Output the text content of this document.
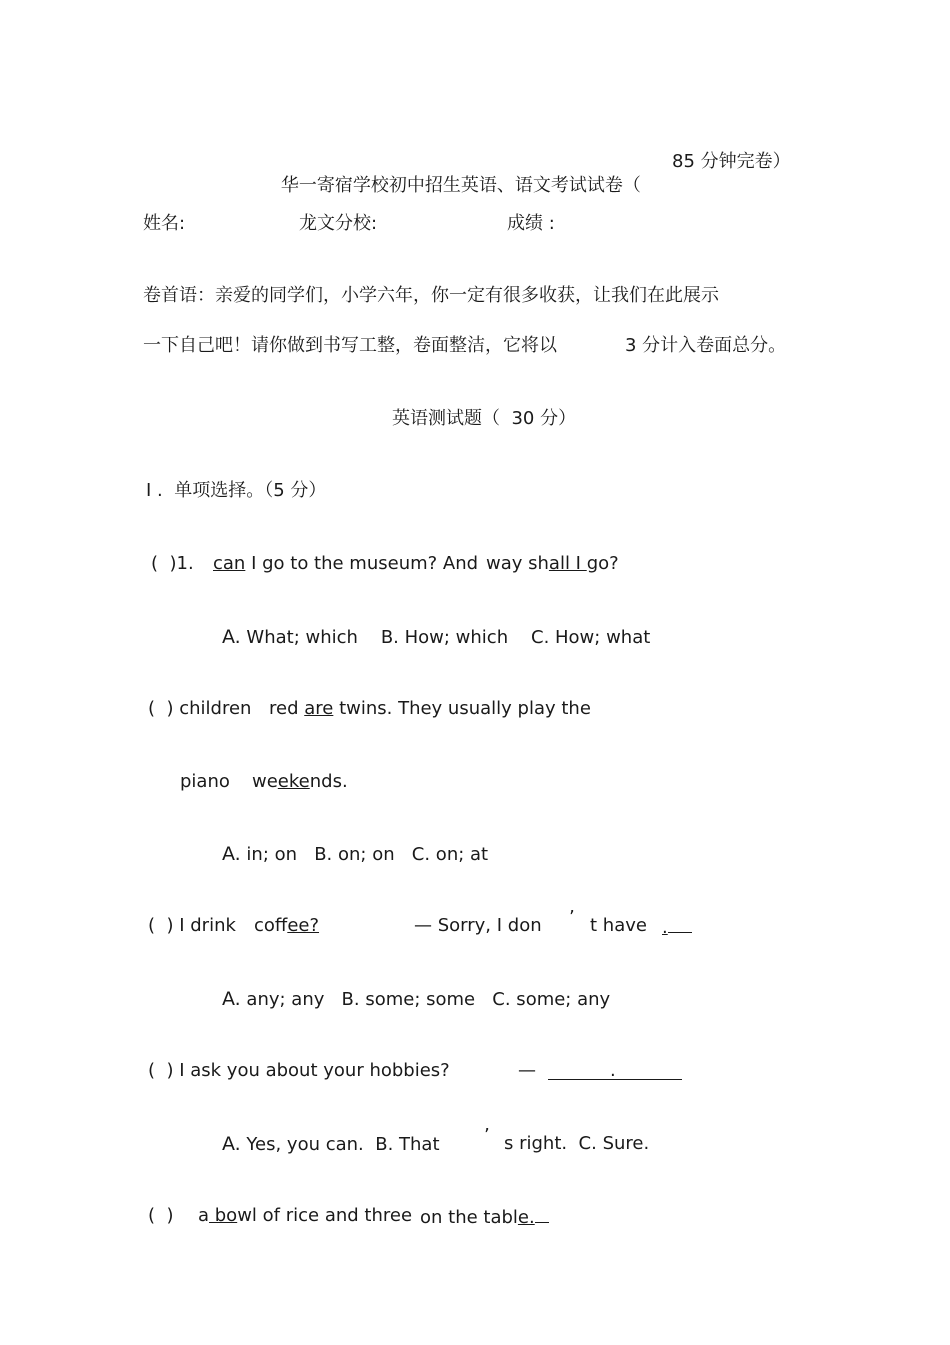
华一寄宿学校初中招生英语、语文考试试卷（

85 分钟完卷）
姓名:	龙文分校:	成绩 :
卷首语：亲爱的同学们，小学六年，你一定有很多收获，让我们在此展示
一下自己吧！请你做到书写工整，卷面整洁，它将以	3 分计入卷面总分。
英语测试题（  30 分）
Ⅰ .  单项选择。（5 分）
(  )1. can I go to the museum? And way shall I go?
A. What; which    B. How; which    C. How; what
(  ) children red are twins. They usually play the
piano weekends.
A. in; on   B. on; on   C. on; at
(  ) I drink coffee?	— Sorry, I don ’ t have .
A. any; any   B. some; some   C. some; any
(  ) I ask you about your hobbies?	—	.
A. Yes, you can.  B. That ’ s right.  C. Sure.
(  ) a bowl of rice and three on the table.
